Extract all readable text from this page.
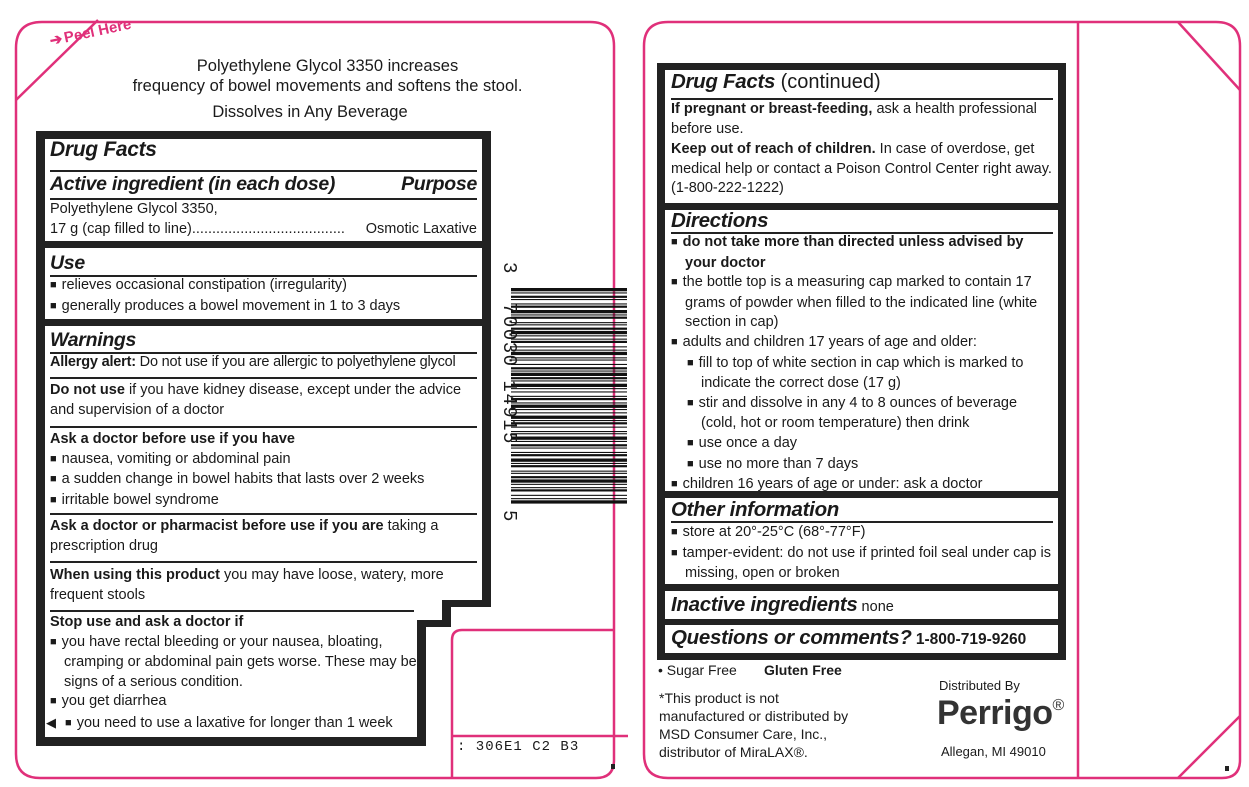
➔Peel Here
Polyethylene Glycol 3350 increases
frequency of bowel movements and softens the stool.
Dissolves in Any Beverage
Drug Facts
Active ingredient (in each dose)	Purpose
Polyethylene Glycol 3350,
17 g (cap filled to line)...................................... Osmotic Laxative
Use
■ relieves occasional constipation (irregularity)
■ generally produces a bowel movement in 1 to 3 days
Warnings
Allergy alert: Do not use if you are allergic to polyethylene glycol
Do not use if you have kidney disease, except under the advice and supervision of a doctor
Ask a doctor before use if you have
■ nausea, vomiting or abdominal pain
■ a sudden change in bowel habits that lasts over 2 weeks
■ irritable bowel syndrome
Ask a doctor or pharmacist before use if you are taking a prescription drug
When using this product you may have loose, watery, more frequent stools
Stop use and ask a doctor if
■ you have rectal bleeding or your nausea, bloating, cramping or abdominal pain gets worse. These may be signs of a serious condition.
■ you get diarrhea
◀ ■ you need to use a laxative for longer than 1 week
3
70030 14915
5
: 306E1 C2 B3
Drug Facts (continued)
If pregnant or breast-feeding, ask a health professional before use.
Keep out of reach of children. In case of overdose, get medical help or contact a Poison Control Center right away. (1-800-222-1222)
Directions
■ do not take more than directed unless advised by your doctor
■ the bottle top is a measuring cap marked to contain 17 grams of powder when filled to the indicated line (white section in cap)
■ adults and children 17 years of age and older:
■ fill to top of white section in cap which is marked to indicate the correct dose (17 g)
■ stir and dissolve in any 4 to 8 ounces of beverage (cold, hot or room temperature) then drink
■ use once a day
■ use no more than 7 days
■ children 16 years of age or under: ask a doctor
Other information
■ store at 20°-25°C (68°-77°F)
■ tamper-evident: do not use if printed foil seal under cap is missing, open or broken
Inactive ingredients none
Questions or comments? 1-800-719-9260
• Sugar Free Gluten Free
*This product is not manufactured or distributed by MSD Consumer Care, Inc., distributor of MiraLAX®.
Distributed By
Perrigo®
Allegan, MI 49010
